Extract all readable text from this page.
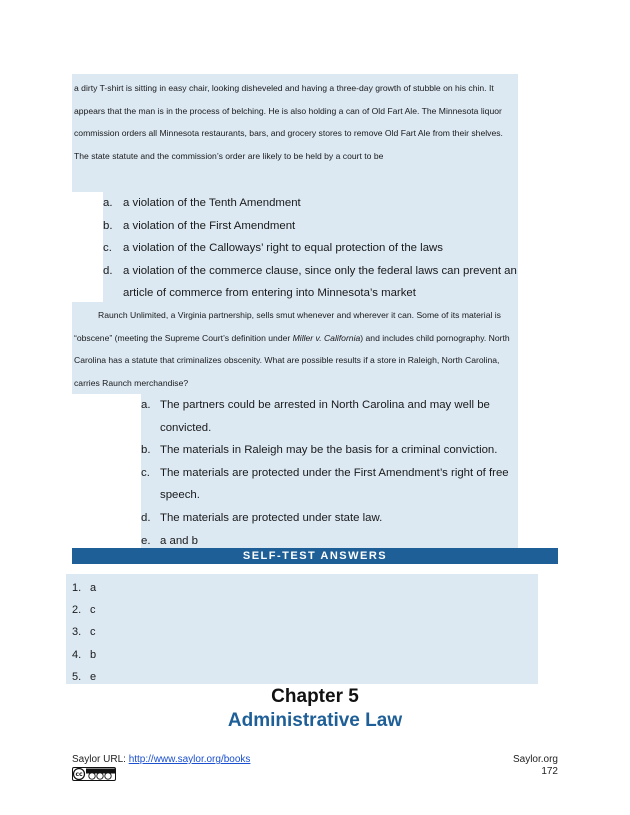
a dirty T-shirt is sitting in easy chair, looking disheveled and having a three-day growth of stubble on his chin. It appears that the man is in the process of belching. He is also holding a can of Old Fart Ale. The Minnesota liquor commission orders all Minnesota restaurants, bars, and grocery stores to remove Old Fart Ale from their shelves. The state statute and the commission’s order are likely to be held by a court to be
a. a violation of the Tenth Amendment
b. a violation of the First Amendment
c. a violation of the Calloways’ right to equal protection of the laws
d. a violation of the commerce clause, since only the federal laws can prevent an article of commerce from entering into Minnesota’s market
Raunch Unlimited, a Virginia partnership, sells smut whenever and wherever it can. Some of its material is “obscene” (meeting the Supreme Court’s definition under Miller v. California) and includes child pornography. North Carolina has a statute that criminalizes obscenity. What are possible results if a store in Raleigh, North Carolina, carries Raunch merchandise?
a. The partners could be arrested in North Carolina and may well be convicted.
b. The materials in Raleigh may be the basis for a criminal conviction.
c. The materials are protected under the First Amendment’s right of free speech.
d. The materials are protected under state law.
e. a and b
SELF-TEST ANSWERS
1. a
2. c
3. c
4. b
5. e
Chapter 5
Administrative Law
Saylor URL: http://www.saylor.org/books
cc
Saylor.org
172
